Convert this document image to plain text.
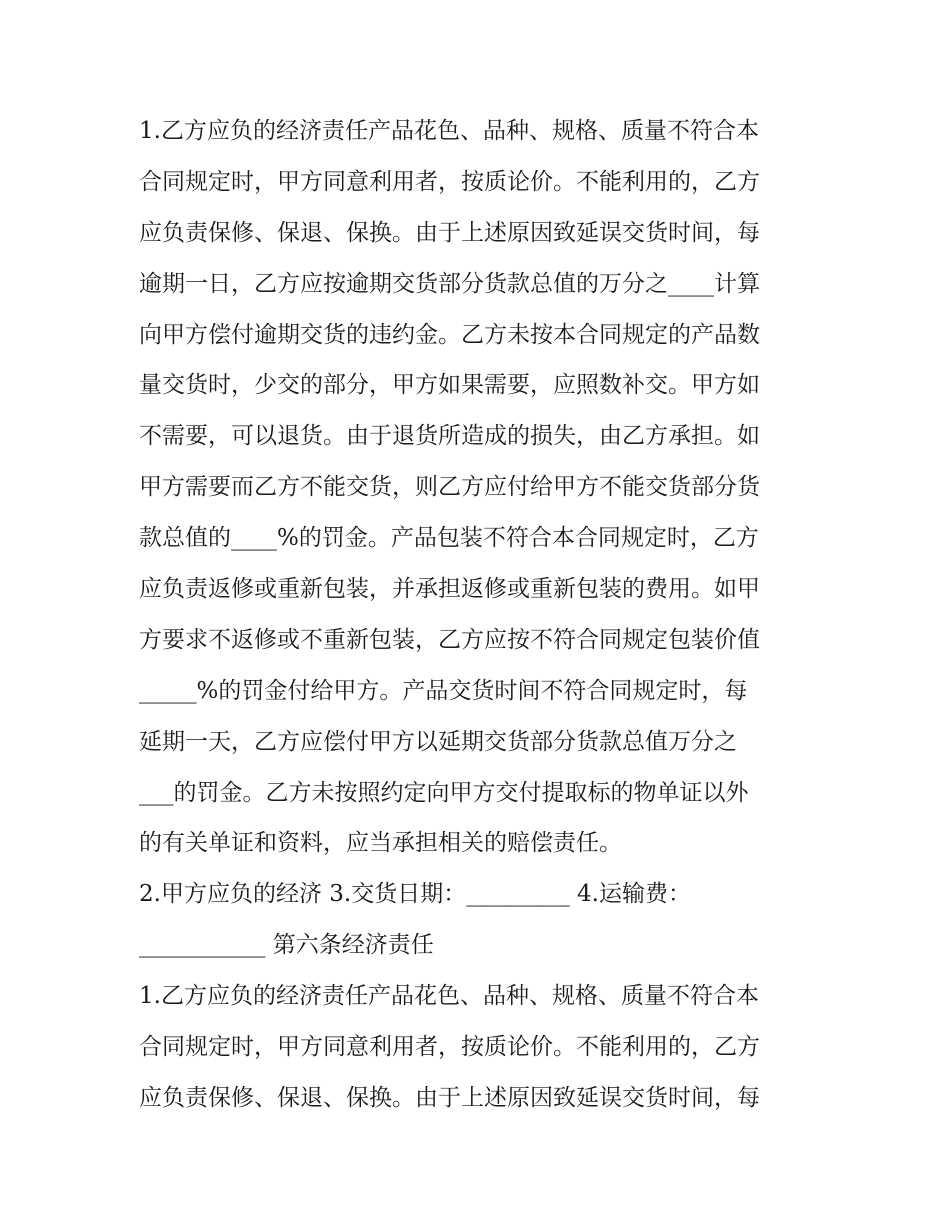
1.乙方应负的经济责任产品花色、品种、规格、质量不符合本
合同规定时，甲方同意利用者，按质论价。不能利用的，乙方
应负责保修、保退、保换。由于上述原因致延误交货时间，每
逾期一日，乙方应按逾期交货部分货款总值的万分之____计算
向甲方偿付逾期交货的违约金。乙方未按本合同规定的产品数
量交货时，少交的部分，甲方如果需要，应照数补交。甲方如
不需要，可以退货。由于退货所造成的损失，由乙方承担。如
甲方需要而乙方不能交货，则乙方应付给甲方不能交货部分货
款总值的____%的罚金。产品包装不符合本合同规定时，乙方
应负责返修或重新包装，并承担返修或重新包装的费用。如甲
方要求不返修或不重新包装，乙方应按不符合同规定包装价值
_____%的罚金付给甲方。产品交货时间不符合同规定时，每
延期一天，乙方应偿付甲方以延期交货部分货款总值万分之
___的罚金。乙方未按照约定向甲方交付提取标的物单证以外
的有关单证和资料，应当承担相关的赔偿责任。
2.甲方应负的经济 3.交货日期：_________ 4.运输费：
___________ 第六条经济责任
1.乙方应负的经济责任产品花色、品种、规格、质量不符合本
合同规定时，甲方同意利用者，按质论价。不能利用的，乙方
应负责保修、保退、保换。由于上述原因致延误交货时间，每
